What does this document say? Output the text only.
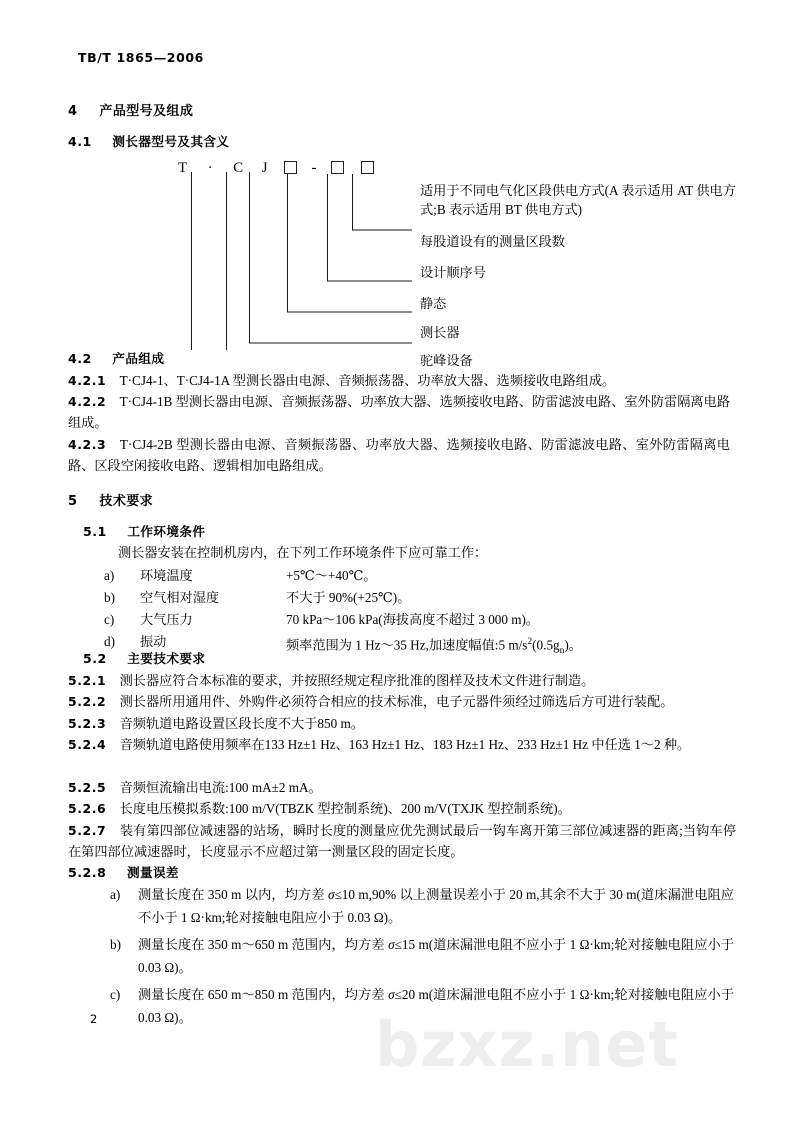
bzxz.net
TB/T 1865—2006
4 产品型号及组成
4.1 测长器型号及其含义
T · C J	-
适用于不同电气化区段供电方式(A 表示适用 AT 供电方式;B 表示适用 BT 供电方式)
每股道设有的测量区段数
设计顺序号
静态
测长器
驼峰设备
4.2 产品组成
4.2.1 T·CJ4-1、T·CJ4-1A 型测长器由电源、音频振荡器、功率放大器、选频接收电路组成。
4.2.2 T·CJ4-1B 型测长器由电源、音频振荡器、功率放大器、选频接收电路、防雷滤波电路、室外防雷隔离电路组成。
4.2.3 T·CJ4-2B 型测长器由电源、音频振荡器、功率放大器、选频接收电路、防雷滤波电路、室外防雷隔离电路、区段空闲接收电路、逻辑相加电路组成。
5 技术要求
5.1 工作环境条件
测长器安装在控制机房内，在下列工作环境条件下应可靠工作：
a)	环境温度	+5℃～+40℃。
b)	空气相对湿度	不大于 90%(+25℃)。
c)	大气压力	70 kPa～106 kPa(海拔高度不超过 3 000 m)。
d)	振动	频率范围为 1 Hz～35 Hz,加速度幅值:5 $m/s^2(0.5g_n)$。
5.2 主要技术要求
5.2.1 测长器应符合本标准的要求，并按照经规定程序批准的图样及技术文件进行制造。
5.2.2 测长器所用通用件、外购件必须符合相应的技术标准，电子元器件须经过筛选后方可进行装配。
5.2.3 音频轨道电路设置区段长度不大于850 m。
5.2.4 音频轨道电路使用频率在133 Hz±1 Hz、163 Hz±1 Hz、183 Hz±1 Hz、233 Hz±1 Hz 中任选 1～2 种。
5.2.5 音频恒流输出电流:100 mA±2 mA。
5.2.6 长度电压模拟系数:100 m/V(TBZK 型控制系统)、200 m/V(TXJK 型控制系统)。
5.2.7 装有第四部位减速器的站场，瞬时长度的测量应优先测试最后一钩车离开第三部位减速器的距离;当钩车停在第四部位减速器时，长度显示不应超过第一测量区段的固定长度。
5.2.8 测量误差
a)	测量长度在 350 m 以内，均方差 σ≤10 m,90% 以上测量误差小于 20 m,其余不大于 30 m(道床漏泄电阻应不小于 1 Ω·km;轮对接触电阻应小于 0.03 Ω)。
b)	测量长度在 350 m～650 m 范围内，均方差 σ≤15 m(道床漏泄电阻不应小于 1 Ω·km;轮对接触电阻应小于 0.03 Ω)。
c)	测量长度在 650 m～850 m 范围内，均方差 σ≤20 m(道床漏泄电阻不应小于 1 Ω·km;轮对接触电阻应小于 0.03 Ω)。
2
